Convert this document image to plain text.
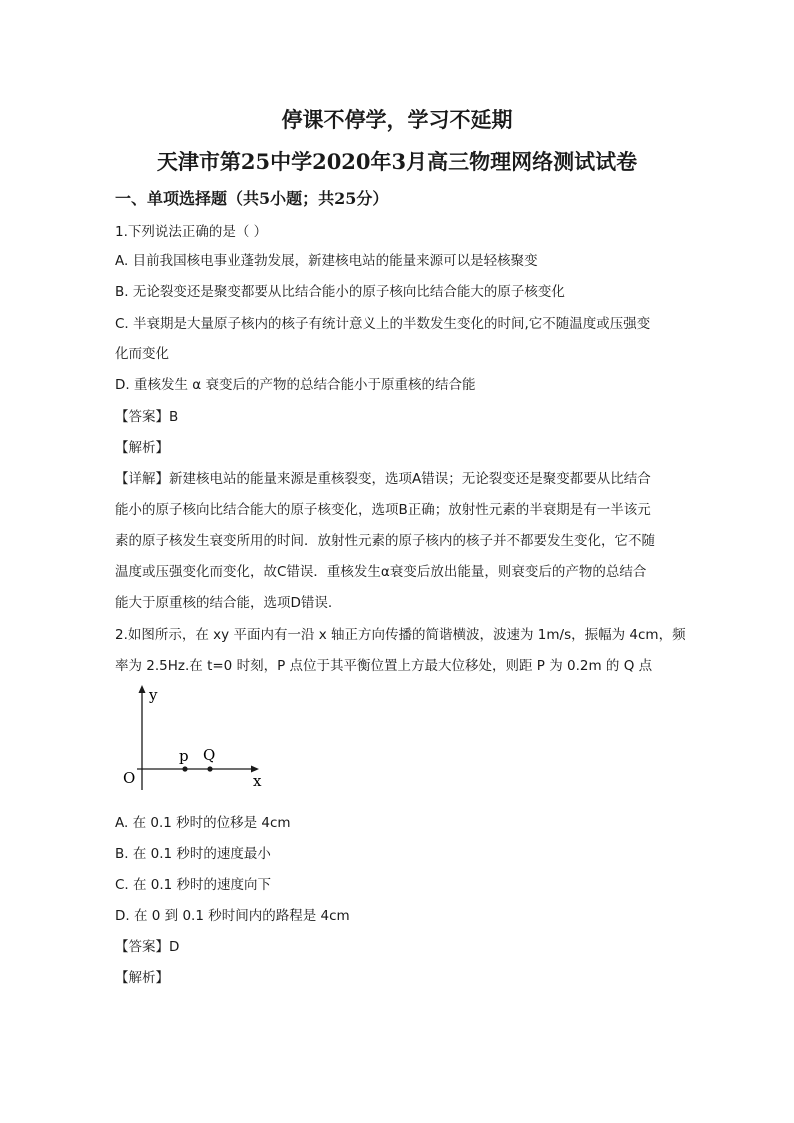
停课不停学，学习不延期
天津市第25中学2020年3月高三物理网络测试试卷
一、单项选择题（共5小题；共25分）
1.下列说法正确的是（ ）
A. 目前我国核电事业蓬勃发展，新建核电站的能量来源可以是轻核聚变
B. 无论裂变还是聚变都要从比结合能小的原子核向比结合能大的原子核变化
C. 半衰期是大量原子核内的核子有统计意义上的半数发生变化的时间,它不随温度或压强变
化而变化
D. 重核发生 α 衰变后的产物的总结合能小于原重核的结合能
【答案】B
【解析】
【详解】新建核电站的能量来源是重核裂变，选项A错误；无论裂变还是聚变都要从比结合
能小的原子核向比结合能大的原子核变化，选项B正确；放射性元素的半衰期是有一半该元
素的原子核发生衰变所用的时间．放射性元素的原子核内的核子并不都要发生变化，它不随
温度或压强变化而变化，故C错误．重核发生α衰变后放出能量，则衰变后的产物的总结合
能大于原重核的结合能，选项D错误.
2.如图所示，在 xy 平面内有一沿 x 轴正方向传播的简谐横波，波速为 1m/s，振幅为 4cm，频
率为 2.5Hz.在 t=0 时刻，P 点位于其平衡位置上方最大位移处，则距 P 为 0.2m 的 Q 点
y
x
O
p Q
A. 在 0.1 秒时的位移是 4cm
B. 在 0.1 秒时的速度最小
C. 在 0.1 秒时的速度向下
D. 在 0 到 0.1 秒时间内的路程是 4cm
【答案】D
【解析】
